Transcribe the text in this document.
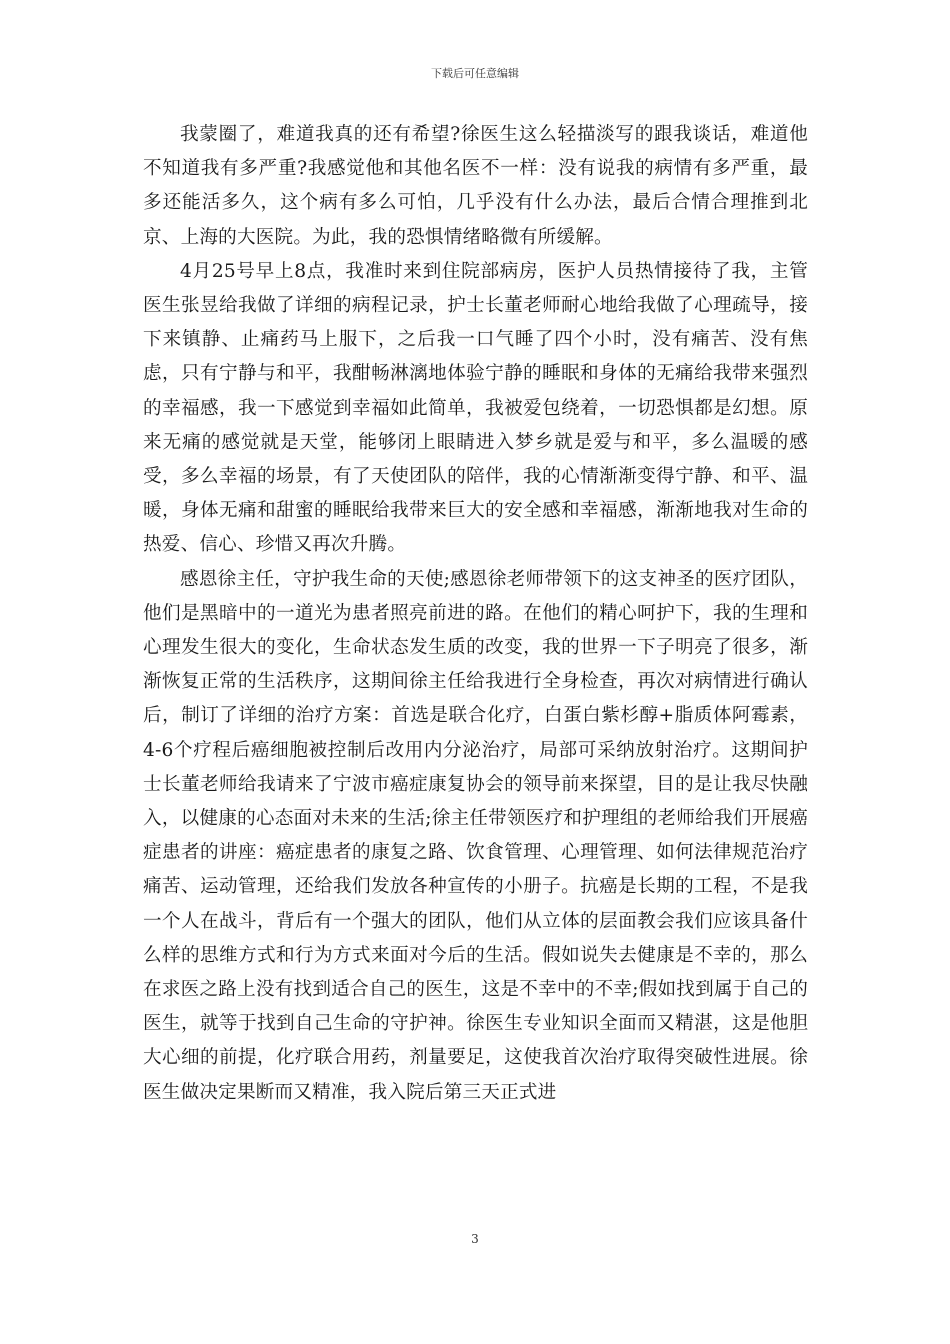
下载后可任意编辑

我蒙圈了，难道我真的还有希望?徐医生这么轻描淡写的跟我谈话，难道他不知道我有多严重?我感觉他和其他名医不一样：没有说我的病情有多严重，最多还能活多久，这个病有多么可怕，几乎没有什么办法，最后合情合理推到北京、上海的大医院。为此，我的恐惧情绪略微有所缓解。

4月25号早上8点，我准时来到住院部病房，医护人员热情接待了我，主管医生张昱给我做了详细的病程记录，护士长董老师耐心地给我做了心理疏导，接下来镇静、止痛药马上服下，之后我一口气睡了四个小时，没有痛苦、没有焦虑，只有宁静与和平，我酣畅淋漓地体验宁静的睡眠和身体的无痛给我带来强烈的幸福感，我一下感觉到幸福如此简单，我被爱包绕着，一切恐惧都是幻想。原来无痛的感觉就是天堂，能够闭上眼睛进入梦乡就是爱与和平，多么温暖的感受，多么幸福的场景，有了天使团队的陪伴，我的心情渐渐变得宁静、和平、温暖，身体无痛和甜蜜的睡眠给我带来巨大的安全感和幸福感，渐渐地我对生命的热爱、信心、珍惜又再次升腾。

感恩徐主任，守护我生命的天使;感恩徐老师带领下的这支神圣的医疗团队，他们是黑暗中的一道光为患者照亮前进的路。在他们的精心呵护下，我的生理和心理发生很大的变化，生命状态发生质的改变，我的世界一下子明亮了很多，渐渐恢复正常的生活秩序，这期间徐主任给我进行全身检查，再次对病情进行确认后，制订了详细的治疗方案：首选是联合化疗，白蛋白紫杉醇+脂质体阿霉素，4-6个疗程后癌细胞被控制后改用内分泌治疗，局部可采纳放射治疗。这期间护士长董老师给我请来了宁波市癌症康复协会的领导前来探望，目的是让我尽快融入，以健康的心态面对未来的生活;徐主任带领医疗和护理组的老师给我们开展癌症患者的讲座：癌症患者的康复之路、饮食管理、心理管理、如何法律规范治疗痛苦、运动管理，还给我们发放各种宣传的小册子。抗癌是长期的工程，不是我一个人在战斗，背后有一个强大的团队，他们从立体的层面教会我们应该具备什么样的思维方式和行为方式来面对今后的生活。假如说失去健康是不幸的，那么在求医之路上没有找到适合自己的医生，这是不幸中的不幸;假如找到属于自己的医生，就等于找到自己生命的守护神。徐医生专业知识全面而又精湛，这是他胆大心细的前提，化疗联合用药，剂量要足，这使我首次治疗取得突破性进展。徐医生做决定果断而又精准，我入院后第三天正式进

3
